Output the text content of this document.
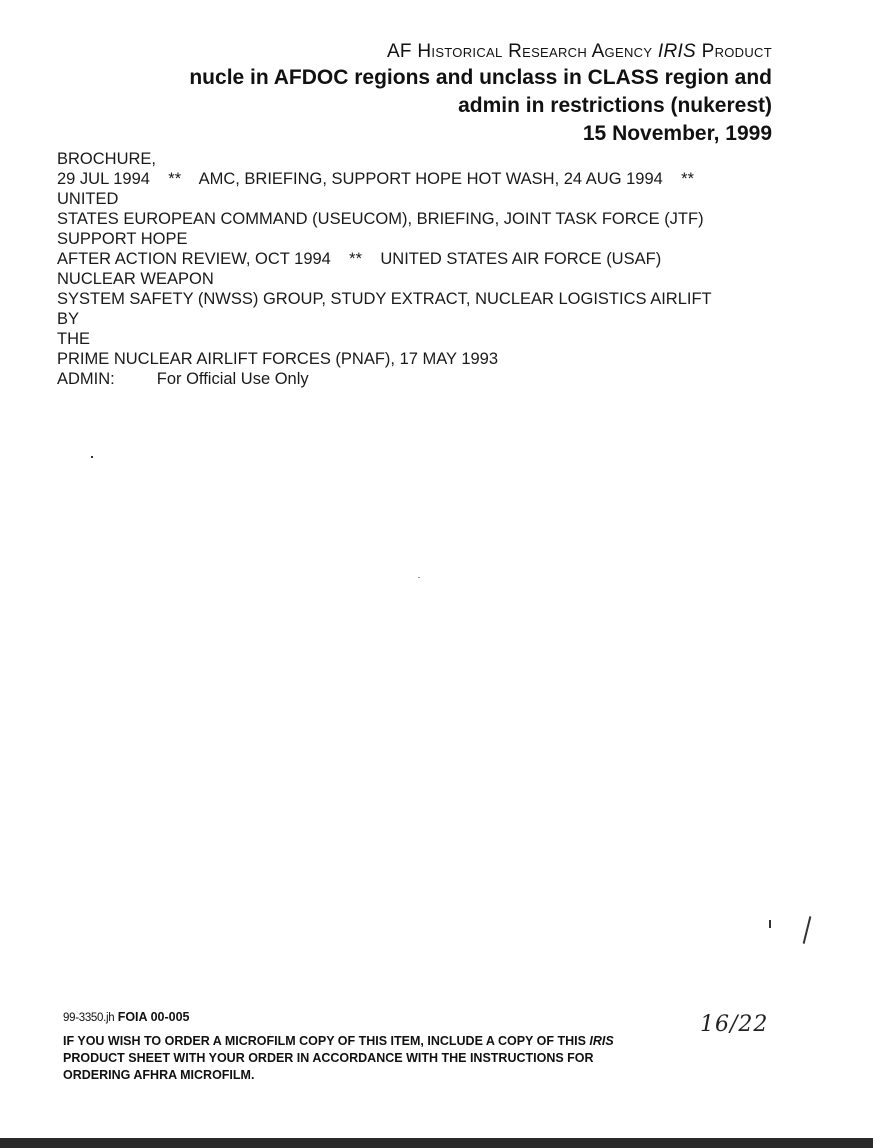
AF Historical Research Agency IRIS Product
nucle in AFDOC regions and unclass in CLASS region and
admin in restrictions (nukerest)
15 November, 1999
BROCHURE,
29 JUL 1994    **    AMC, BRIEFING, SUPPORT HOPE HOT WASH, 24 AUG 1994    **
UNITED
STATES EUROPEAN COMMAND (USEUCOM), BRIEFING, JOINT TASK FORCE (JTF)
SUPPORT HOPE
AFTER ACTION REVIEW, OCT 1994    **    UNITED STATES AIR FORCE (USAF)
NUCLEAR WEAPON
SYSTEM SAFETY (NWSS) GROUP, STUDY EXTRACT, NUCLEAR LOGISTICS AIRLIFT
BY
THE
PRIME NUCLEAR AIRLIFT FORCES (PNAF), 17 MAY 1993
ADMIN:	For Official Use Only
99-3350.jh FOIA 00-005	16/22
IF YOU WISH TO ORDER A MICROFILM COPY OF THIS ITEM, INCLUDE A COPY OF THIS IRIS
PRODUCT SHEET WITH YOUR ORDER IN ACCORDANCE WITH THE INSTRUCTIONS FOR
ORDERING AFHRA MICROFILM.
